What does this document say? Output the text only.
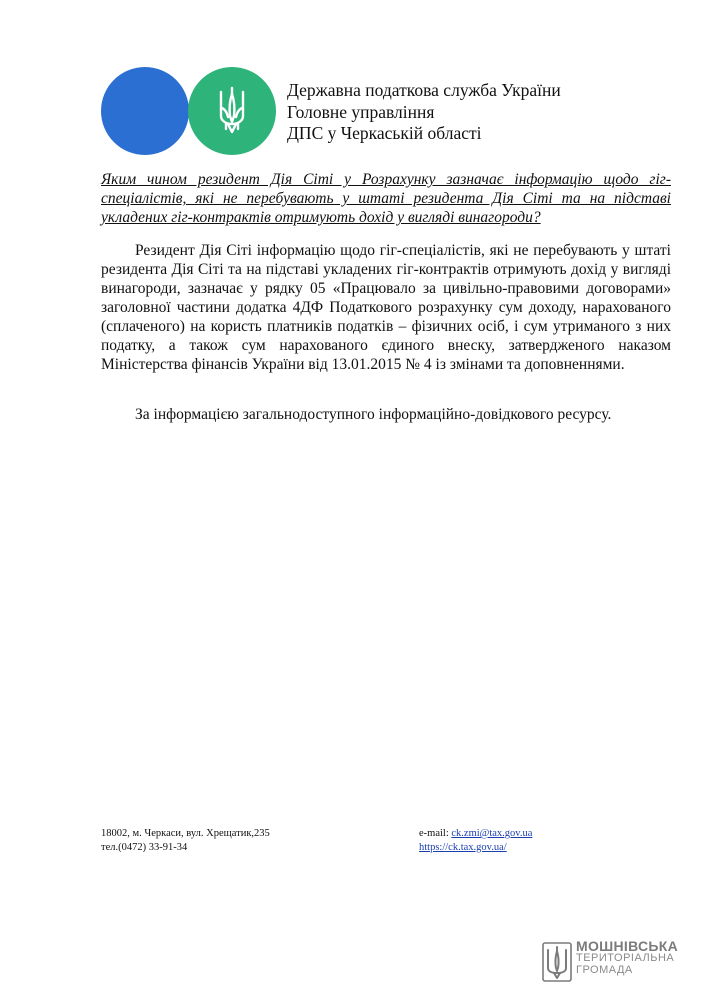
Державна податкова служба України
Головне управління
ДПС у Черкаській області
Яким чином резидент Дія Сіті у Розрахунку зазначає інформацію щодо гіг-спеціалістів, які не перебувають у штаті резидента Дія Сіті та на підставі укладених гіг-контрактів отримують дохід у вигляді винагороди?
Резидент Дія Сіті інформацію щодо гіг-спеціалістів, які не перебувають у штаті резидента Дія Сіті та на підставі укладених гіг-контрактів отримують дохід у вигляді винагороди, зазначає у рядку 05 «Працювало за цивільно-правовими договорами» заголовної частини додатка 4ДФ Податкового розрахунку сум доходу, нарахованого (сплаченого) на користь платників податків – фізичних осіб, і сум утриманого з них податку, а також сум нарахованого єдиного внеску, затвердженого наказом Міністерства фінансів України від 13.01.2015 № 4 із змінами та доповненнями.
За інформацією загальнодоступного інформаційно-довідкового ресурсу.
18002, м. Черкаси, вул. Хрещатик,235
тел.(0472) 33-91-34
e-mail: ck.zmi@tax.gov.ua
https://ck.tax.gov.ua/
МОШНІВСЬКА
ТЕРИТОРІАЛЬНА
ГРОМАДА
